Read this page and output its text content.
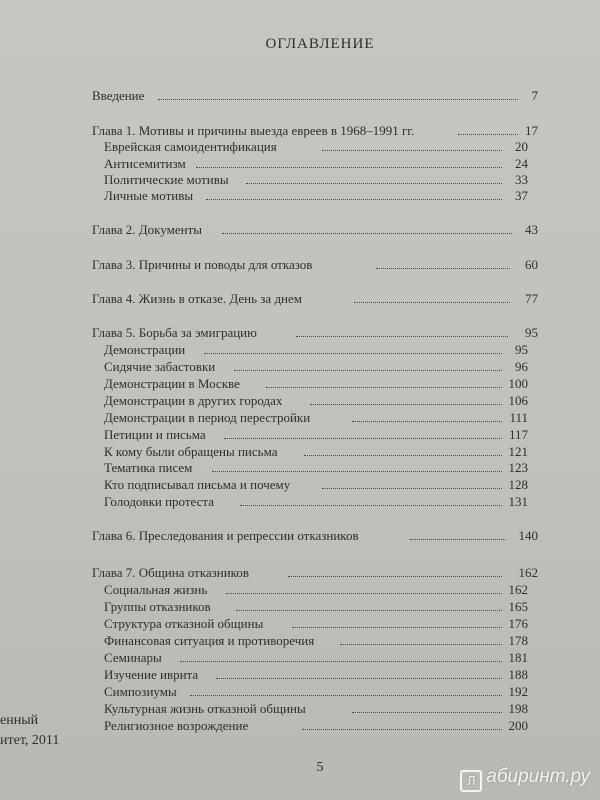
ОГЛАВЛЕНИЕ
Введение	7
Глава 1. Мотивы и причины выезда евреев в 1968–1991 гг.	17
Еврейская самоидентификация	20
Антисемитизм	24
Политические мотивы	33
Личные мотивы	37
Глава 2. Документы	43
Глава 3. Причины и поводы для отказов	60
Глава 4. Жизнь в отказе. День за днем	77
Глава 5. Борьба за эмиграцию	95
Демонстрации	95
Сидячие забастовки	96
Демонстрации в Москве	100
Демонстрации в других городах	106
Демонстрации в период перестройки	111
Петиции и письма	117
К кому были обращены письма	121
Тематика писем	123
Кто подписывал письма и почему	128
Голодовки протеста	131
Глава 6. Преследования и репрессии отказников	140
Глава 7. Община отказников	162
Социальная жизнь	162
Группы отказников	165
Структура отказной общины	176
Финансовая ситуация и противоречия	178
Семинары	181
Изучение иврита	188
Симпозиумы	192
Культурная жизнь отказной общины	198
Религиозное возрождение	200
енный
итет, 2011
5
Л абиринт.ру
